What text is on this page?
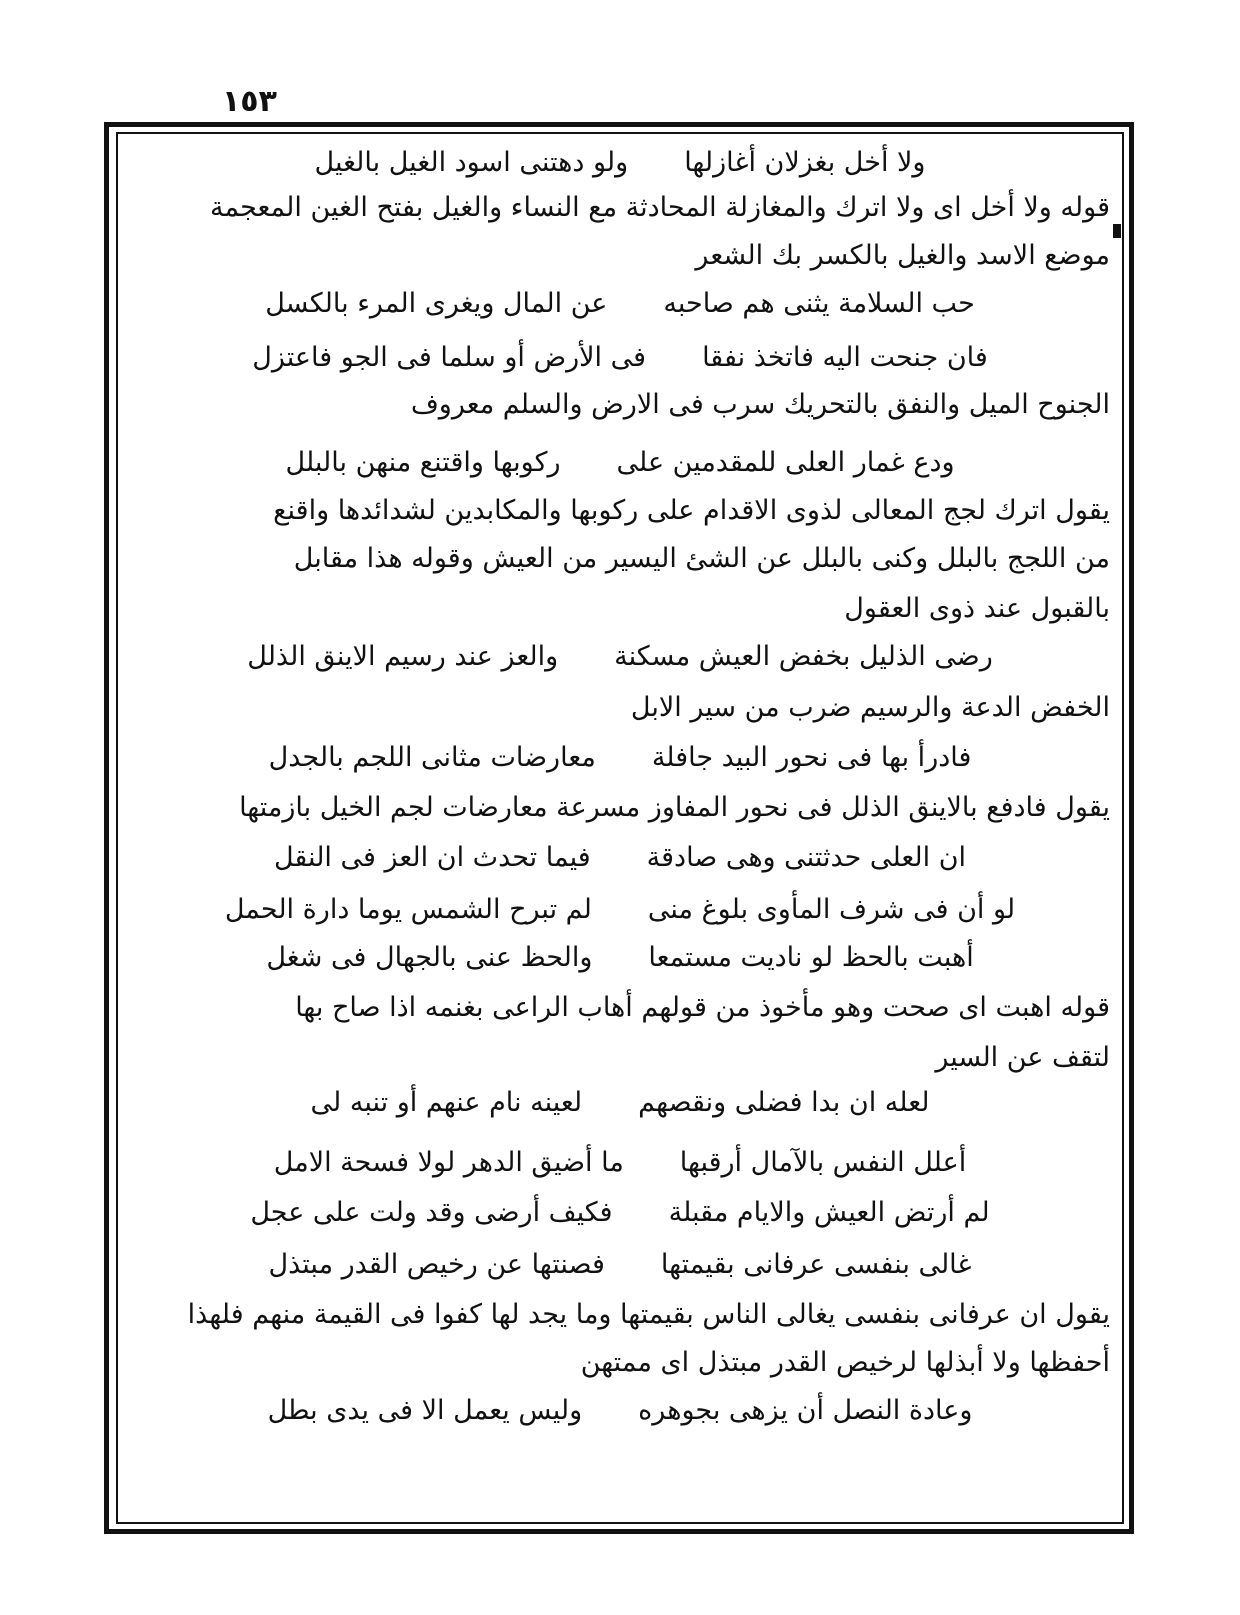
١٥٣
ولا أخل بغزلان أغازلها
ولو دهتنى اسود الغيل بالغيل
قوله ولا أخل اى ولا اترك والمغازلة المحادثة مع النساء والغيل بفتح الغين المعجمة
موضع الاسد والغيل بالكسر بك الشعر
حب السلامة يثنى هم صاحبه
عن المال ويغرى المرء بالكسل
فان جنحت اليه فاتخذ نفقا
فى الأرض أو سلما فى الجو فاعتزل
الجنوح الميل والنفق بالتحريك سرب فى الارض والسلم معروف
ودع غمار العلى للمقدمين على
ركوبها واقتنع منهن بالبلل
يقول اترك لجج المعالى لذوى الاقدام على ركوبها والمكابدين لشدائدها واقنع
من اللجج بالبلل وكنى بالبلل عن الشئ اليسير من العيش وقوله هذا مقابل
بالقبول عند ذوى العقول
رضى الذليل بخفض العيش مسكنة
والعز عند رسيم الاينق الذلل
الخفض الدعة والرسيم ضرب من سير الابل
فادرأ بها فى نحور البيد جافلة
معارضات مثانى اللجم بالجدل
يقول فادفع بالاينق الذلل فى نحور المفاوز مسرعة معارضات لجم الخيل بازمتها
ان العلى حدثتنى وهى صادقة
فيما تحدث ان العز فى النقل
لو أن فى شرف المأوى بلوغ منى
لم تبرح الشمس يوما دارة الحمل
أهبت بالحظ لو ناديت مستمعا
والحظ عنى بالجهال فى شغل
قوله اهبت اى صحت وهو مأخوذ من قولهم أهاب الراعى بغنمه اذا صاح بها
لتقف عن السير
لعله ان بدا فضلى ونقصهم
لعينه نام عنهم أو تنبه لى
أعلل النفس بالآمال أرقبها
ما أضيق الدهر لولا فسحة الامل
لم أرتض العيش والايام مقبلة
فكيف أرضى وقد ولت على عجل
غالى بنفسى عرفانى بقيمتها
فصنتها عن رخيص القدر مبتذل
يقول ان عرفانى بنفسى يغالى الناس بقيمتها وما يجد لها كفوا فى القيمة منهم فلهذا
أحفظها ولا أبذلها لرخيص القدر مبتذل اى ممتهن
وعادة النصل أن يزهى بجوهره
وليس يعمل الا فى يدى بطل
